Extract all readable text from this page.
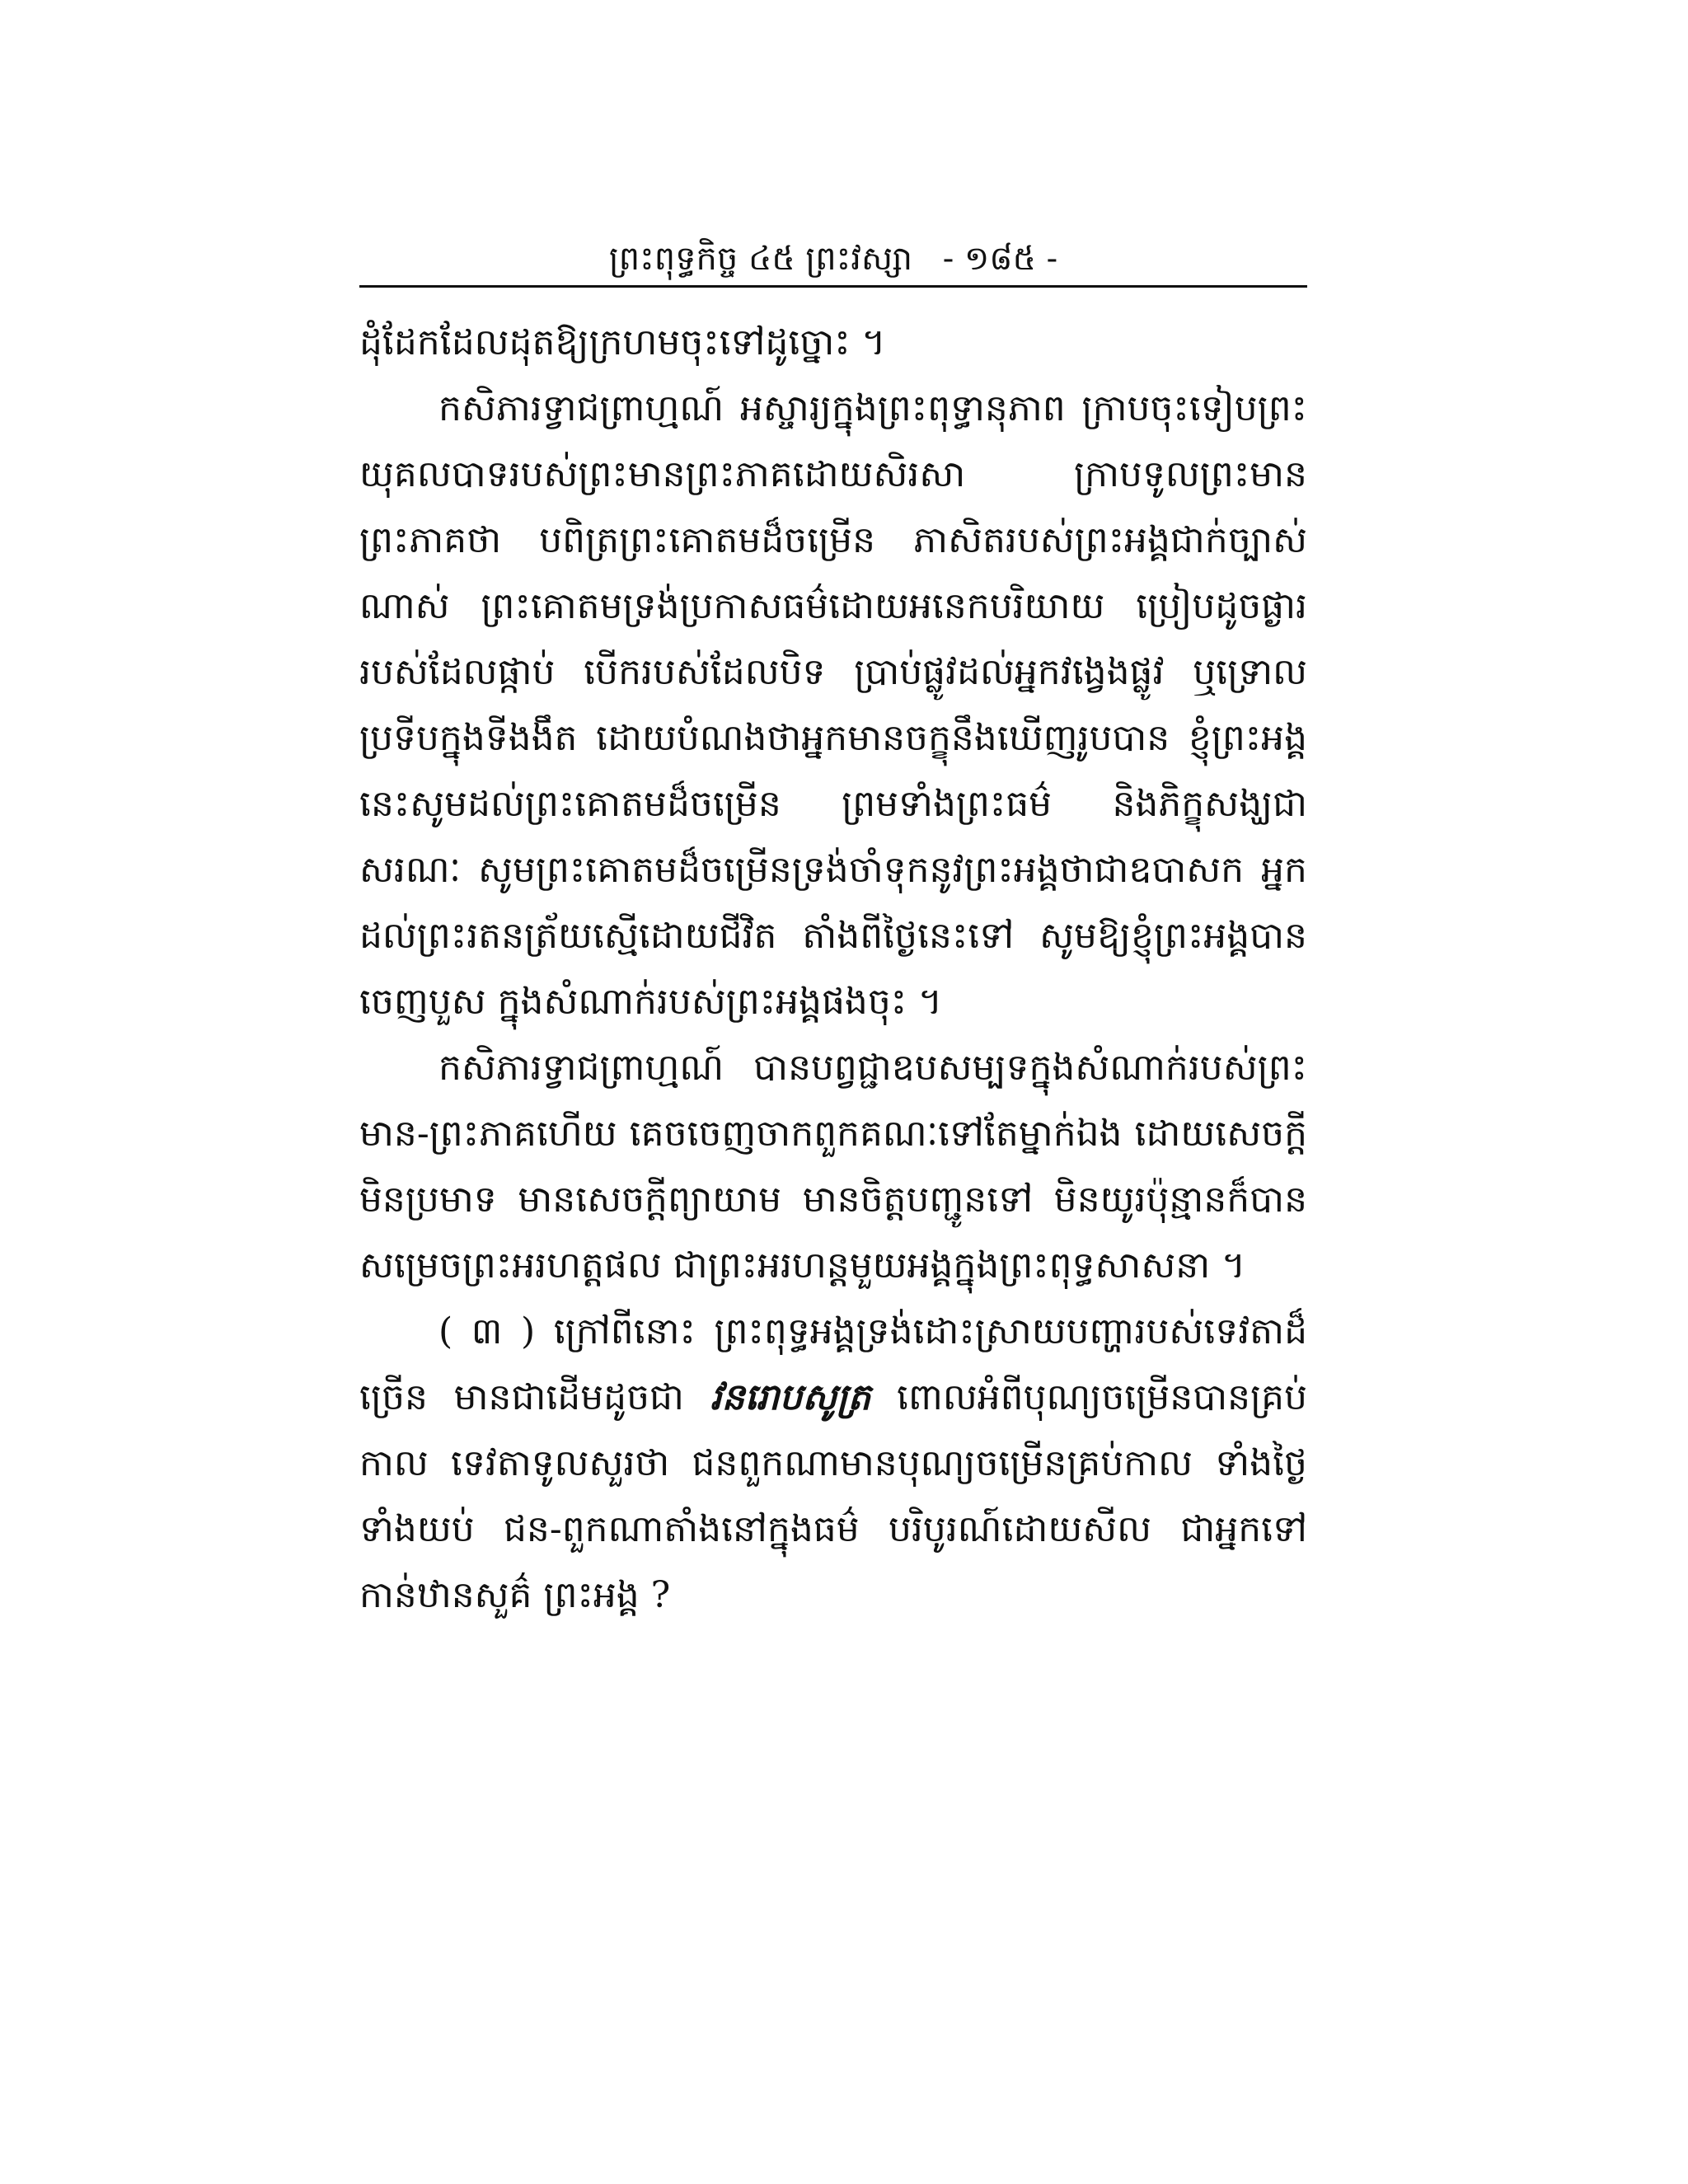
ព្រះពុទ្ធកិច្ច ៤៥ ព្រះវស្សា - ១៨៥ -

ដុំដែកដែលដុតឱ្យក្រហមចុះទៅដូច្នោះ ។

កសិភារទ្វាជព្រាហ្មណ៍ អស្ចារ្យក្នុងព្រះពុទ្ធានុភាព ក្រាបចុះទៀបព្រះយុគលបាទរបស់ព្រះមានព្រះភាគដោយសិរសា ក្រាបទូលព្រះមានព្រះភាគថា បពិត្រព្រះគោតមដ៏ចម្រើន ភាសិតរបស់ព្រះអង្គជាក់ច្បាស់ណាស់ ព្រះគោតមទ្រង់ប្រកាសធម៌ដោយអនេកបរិយាយ ប្រៀបដូចផ្ងាររបស់ដែលផ្កាប់ បើករបស់ដែលបិទ ប្រាប់ផ្លូវដល់អ្នកវង្វេងផ្លូវ ឬទ្រោលប្រទីបក្នុងទីងងឹត ដោយបំណងថាអ្នកមានចក្ខុនឹងឃើញរូបបាន ខ្ញុំព្រះអង្គនេះសូមដល់ព្រះគោតមដ៏ចម្រើន ព្រមទាំងព្រះធម៌ និងភិក្ខុសង្ឃជាសរណៈ សូមព្រះគោតមដ៏ចម្រើនទ្រង់ចាំទុកនូវព្រះអង្គថាជាឧបាសក អ្នកដល់ព្រះរតនត្រ័យស្មើដោយជីវិត តាំងពីថ្ងៃនេះទៅ សូមឱ្យខ្ញុំព្រះអង្គបានចេញបួស ក្នុងសំណាក់របស់ព្រះអង្គផងចុះ ។

កសិភារទ្វាជព្រាហ្មណ៍ បានបព្វជ្ជាឧបសម្បទក្នុងសំណាក់របស់ព្រះមាន-ព្រះភាគហើយ គេចចេញចាកពួកគណៈទៅតែម្នាក់ឯង ដោយសេចក្តីមិនប្រមាទ មានសេចក្តីព្យាយាម មានចិត្តបញ្ជូនទៅ មិនយូរប៉ុន្មានក៏បានសម្រេចព្រះអរហត្តផល ជាព្រះអរហន្តមួយអង្គក្នុងព្រះពុទ្ធសាសនា ។

( ៣ ) ក្រៅពីនោះ ព្រះពុទ្ធអង្គទ្រង់ដោះស្រាយបញ្ហារបស់ទេវតាដ៏ច្រើន មានជាដើមដូចជា វនរោបសូត្រ ពោលអំពីបុណ្យចម្រើនបានគ្រប់កាល ទេវតាទូលសួរថា ជនពួកណាមានបុណ្យចម្រើនគ្រប់កាល ទាំងថ្ងៃទាំងយប់ ជន-ពួកណាតាំងនៅក្នុងធម៌ បរិបូរណ៍ដោយសីល ជាអ្នកទៅកាន់ឋានសួគ៌ ព្រះអង្គ ?
